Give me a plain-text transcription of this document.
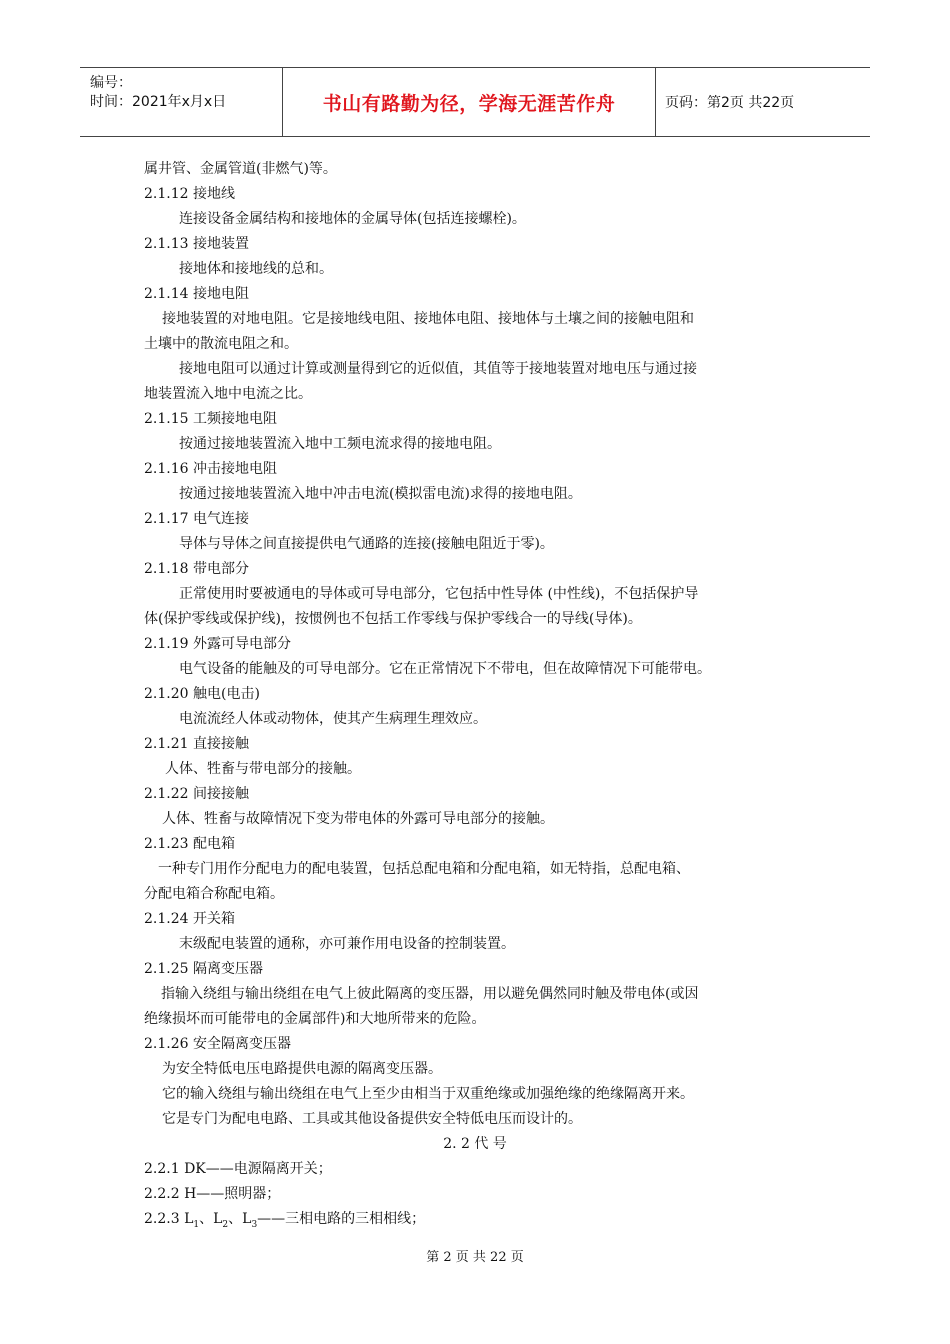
编号：
时间：2021年x月x日	书山有路勤为径，学海无涯苦作舟	页码：第2页 共22页
属井管、金属管道(非燃气)等。
2.1.12 接地线
连接设备金属结构和接地体的金属导体(包括连接螺栓)。
2.1.13 接地装置
接地体和接地线的总和。
2.1.14 接地电阻
接地装置的对地电阻。它是接地线电阻、接地体电阻、接地体与土壤之间的接触电阻和
土壤中的散流电阻之和。
接地电阻可以通过计算或测量得到它的近似值，其值等于接地装置对地电压与通过接
地装置流入地中电流之比。
2.1.15 工频接地电阻
按通过接地装置流入地中工频电流求得的接地电阻。
2.1.16 冲击接地电阻
按通过接地装置流入地中冲击电流(模拟雷电流)求得的接地电阻。
2.1.17 电气连接
导体与导体之间直接提供电气通路的连接(接触电阻近于零)。
2.1.18 带电部分
正常使用时要被通电的导体或可导电部分，它包括中性导体 (中性线)，不包括保护导
体(保护零线或保护线)，按惯例也不包括工作零线与保护零线合一的导线(导体)。
2.1.19 外露可导电部分
电气设备的能触及的可导电部分。它在正常情况下不带电，但在故障情况下可能带电。
2.1.20 触电(电击)
电流流经人体或动物体，使其产生病理生理效应。
2.1.21 直接接触
人体、牲畜与带电部分的接触。
2.1.22 间接接触
人体、牲畜与故障情况下变为带电体的外露可导电部分的接触。
2.1.23 配电箱
一种专门用作分配电力的配电装置，包括总配电箱和分配电箱，如无特指，总配电箱、
分配电箱合称配电箱。
2.1.24 开关箱
末级配电装置的通称，亦可兼作用电设备的控制装置。
2.1.25 隔离变压器
指输入绕组与输出绕组在电气上彼此隔离的变压器，用以避免偶然同时触及带电体(或因
绝缘损坏而可能带电的金属部件)和大地所带来的危险。
2.1.26 安全隔离变压器
为安全特低电压电路提供电源的隔离变压器。
它的输入绕组与输出绕组在电气上至少由相当于双重绝缘或加强绝缘的绝缘隔离开来。
它是专门为配电电路、工具或其他设备提供安全特低电压而设计的。
2. 2 代 号
2.2.1 DK——电源隔离开关；
2.2.2 H——照明器；
2.2.3 $L_1$、$L_2$、$L_3——$三相电路的三相相线；
第 2 页 共 22 页
